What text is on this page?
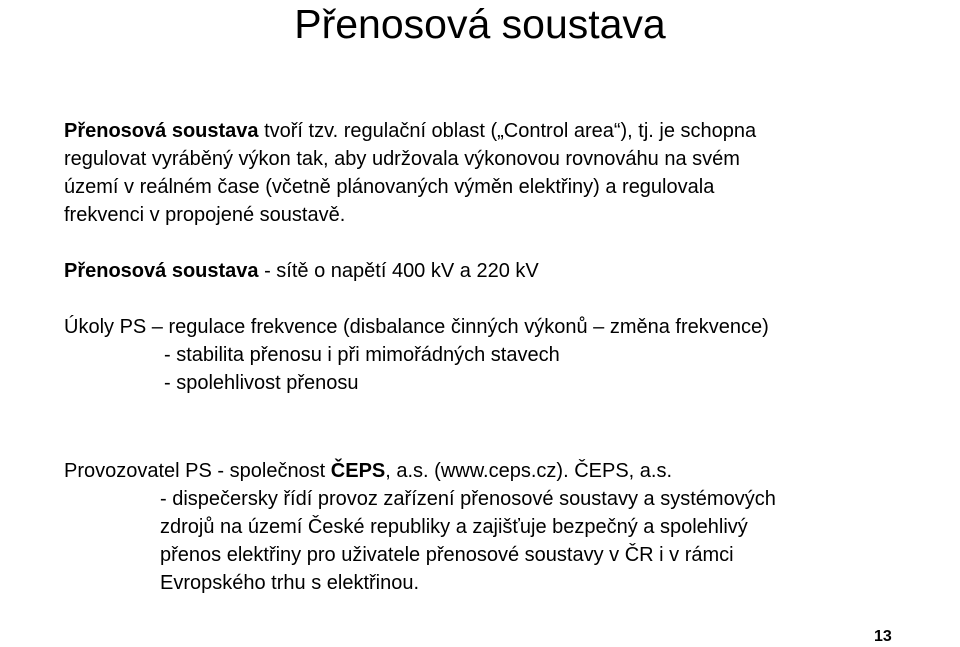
Přenosová soustava
Přenosová soustava tvoří tzv. regulační oblast („Control area“), tj. je schopna
regulovat vyráběný výkon tak, aby udržovala výkonovou rovnováhu na svém
území v reálném čase (včetně plánovaných výměn elektřiny) a regulovala
frekvenci v propojené soustavě.
Přenosová soustava - sítě o napětí 400 kV a 220 kV
Úkoly PS – regulace frekvence (disbalance činných výkonů – změna frekvence)
- stabilita přenosu i při mimořádných stavech
- spolehlivost přenosu
Provozovatel PS - společnost ČEPS, a.s. (www.ceps.cz). ČEPS, a.s.
- dispečersky řídí provoz zařízení přenosové soustavy a systémových
zdrojů na území České republiky a zajišťuje bezpečný a spolehlivý
přenos elektřiny pro uživatele přenosové soustavy v ČR i v rámci
Evropského trhu s elektřinou.
13
